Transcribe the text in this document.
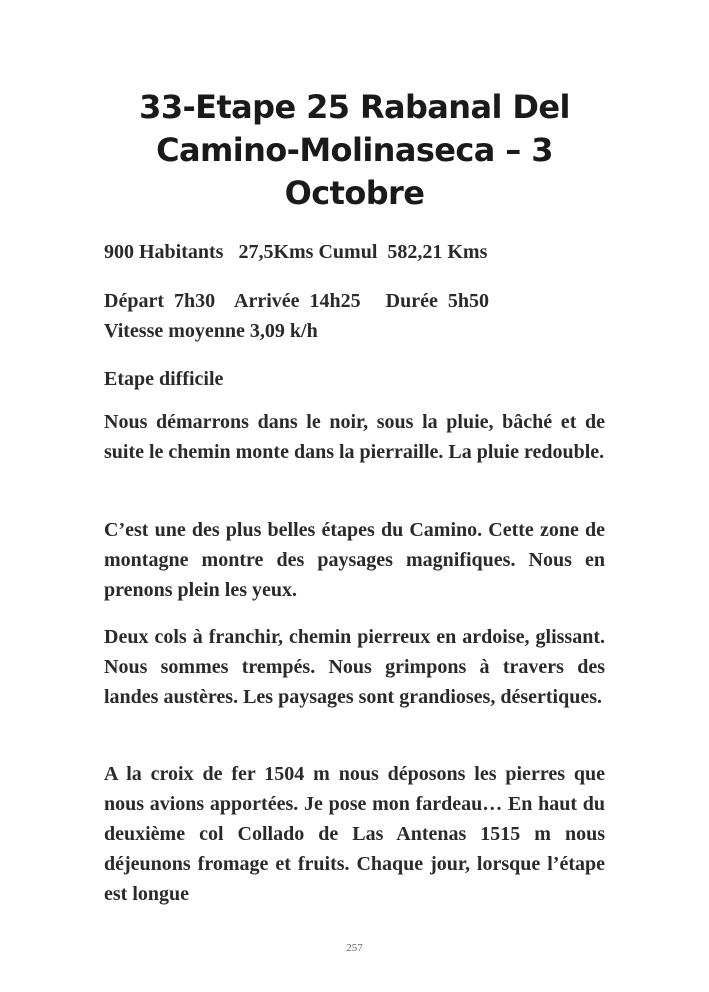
33-Etape 25 Rabanal Del Camino-Molinaseca – 3 Octobre

900 Habitants   27,5Kms Cumul  582,21 Kms

Départ  7h30    Arrivée  14h25     Durée  5h50

Vitesse moyenne 3,09 k/h

Etape difficile

Nous démarrons dans le noir, sous la pluie, bâché et de suite le chemin monte dans la pierraille. La pluie redouble.

C’est une des plus belles étapes du Camino. Cette zone de montagne montre des paysages magnifiques. Nous en prenons plein les yeux.

Deux cols à franchir, chemin pierreux en ardoise, glissant. Nous sommes trempés. Nous grimpons à travers des landes austères. Les paysages sont grandioses, désertiques.

A la croix de fer 1504 m nous déposons les pierres que nous avions apportées. Je pose mon fardeau… En haut du deuxième col Collado de Las Antenas 1515 m nous déjeunons fromage et fruits. Chaque jour, lorsque l’étape est longue

257
